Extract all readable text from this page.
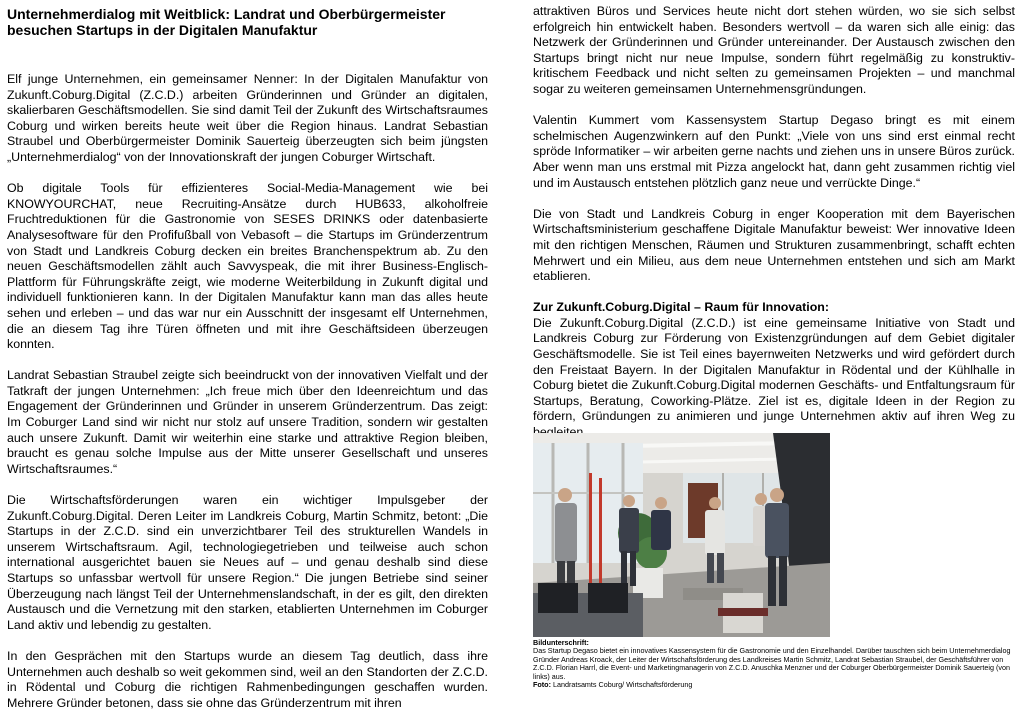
Unternehmerdialog mit Weitblick: Landrat und Oberbürgermeister besuchen Startups in der Digitalen Manufaktur

Elf junge Unternehmen, ein gemeinsamer Nenner: In der Digitalen Manufaktur von Zukunft.Coburg.Digital (Z.C.D.) arbeiten Gründerinnen und Gründer an digitalen, skalierbaren Geschäftsmodellen. Sie sind damit Teil der Zukunft des Wirtschaftsraumes Coburg und wirken bereits heute weit über die Region hinaus. Landrat Sebastian Straubel und Oberbürgermeister Dominik Sauerteig überzeugten sich beim jüngsten „Unternehmerdialog“ von der Innovationskraft der jungen Coburger Wirtschaft.

Ob digitale Tools für effizienteres Social-Media-Management wie bei KNOWYOURCHAT, neue Recruiting-Ansätze durch HUB633, alkoholfreie Fruchtreduktionen für die Gastronomie von SESES DRINKS oder datenbasierte Analysesoftware für den Profifußball von Vebasoft – die Startups im Gründerzentrum von Stadt und Landkreis Coburg decken ein breites Branchenspektrum ab. Zu den neuen Geschäftsmodellen zählt auch Savvyspeak, die mit ihrer Business-Englisch-Plattform für Führungskräfte zeigt, wie moderne Weiterbildung in Zukunft digital und individuell funktionieren kann. In der Digitalen Manufaktur kann man das alles heute sehen und erleben – und das war nur ein Ausschnitt der insgesamt elf Unternehmen, die an diesem Tag ihre Türen öffneten und mit ihre Geschäftsideen überzeugen konnten.

Landrat Sebastian Straubel zeigte sich beeindruckt von der innovativen Vielfalt und der Tatkraft der jungen Unternehmen: „Ich freue mich über den Ideenreichtum und das Engagement der Gründerinnen und Gründer in unserem Gründerzentrum. Das zeigt: Im Coburger Land sind wir nicht nur stolz auf unsere Tradition, sondern wir gestalten auch unsere Zukunft. Damit wir weiterhin eine starke und attraktive Region bleiben, braucht es genau solche Impulse aus der Mitte unserer Gesellschaft und unseres Wirtschaftsraumes.“

Die Wirtschaftsförderungen waren ein wichtiger Impulsgeber der Zukunft.Coburg.Digital. Deren Leiter im Landkreis Coburg, Martin Schmitz, betont: „Die Startups in der Z.C.D. sind ein unverzichtbarer Teil des strukturellen Wandels in unserem Wirtschaftsraum. Agil, technologiegetrieben und teilweise auch schon international ausgerichtet bauen sie Neues auf – und genau deshalb sind diese Startups so unfassbar wertvoll für unsere Region.“ Die jungen Betriebe sind seiner Überzeugung nach längst Teil der Unternehmenslandschaft, in der es gilt, den direkten Austausch und die Vernetzung mit den starken, etablierten Unternehmen im Coburger Land aktiv und lebendig zu gestalten.

In den Gesprächen mit den Startups wurde an diesem Tag deutlich, dass ihre Unternehmen auch deshalb so weit gekommen sind, weil an den Standorten der Z.C.D. in Rödental und Coburg die richtigen Rahmenbedingungen geschaffen wurden. Mehrere Gründer betonen, dass sie ohne das Gründerzentrum mit ihren

attraktiven Büros und Services heute nicht dort stehen würden, wo sie sich selbst erfolgreich hin entwickelt haben. Besonders wertvoll – da waren sich alle einig: das Netzwerk der Gründerinnen und Gründer untereinander. Der Austausch zwischen den Startups bringt nicht nur neue Impulse, sondern führt regelmäßig zu konstruktiv-kritischem Feedback und nicht selten zu gemeinsamen Projekten – und manchmal sogar zu weiteren gemeinsamen Unternehmensgründungen.

Valentin Kummert vom Kassensystem Startup Degaso bringt es mit einem schelmischen Augenzwinkern auf den Punkt: „Viele von uns sind erst einmal recht spröde Informatiker – wir arbeiten gerne nachts und ziehen uns in unsere Büros zurück. Aber wenn man uns erstmal mit Pizza angelockt hat, dann geht zusammen richtig viel und im Austausch entstehen plötzlich ganz neue und verrückte Dinge.“

Die von Stadt und Landkreis Coburg in enger Kooperation mit dem Bayerischen Wirtschaftsministerium geschaffene Digitale Manufaktur beweist: Wer innovative Ideen mit den richtigen Menschen, Räumen und Strukturen zusammenbringt, schafft echten Mehrwert und ein Milieu, aus dem neue Unternehmen entstehen und sich am Markt etablieren.

Zur Zukunft.Coburg.Digital – Raum für Innovation:

Die Zukunft.Coburg.Digital (Z.C.D.) ist eine gemeinsame Initiative von Stadt und Landkreis Coburg zur Förderung von Existenzgründungen auf dem Gebiet digitaler Geschäftsmodelle. Sie ist Teil eines bayernweiten Netzwerks und wird gefördert durch den Freistaat Bayern. In der Digitalen Manufaktur in Rödental und der Kühlhalle in Coburg bietet die Zukunft.Coburg.Digital modernen Geschäfts- und Entfaltungsraum für Startups, Beratung, Coworking-Plätze. Ziel ist es, digitale Ideen in der Region zu fördern, Gründungen zu animieren und junge Unternehmen aktiv auf ihren Weg zu

Bildunterschrift:
Das Startup Degaso bietet ein innovatives Kassensystem für die Gastronomie und den Einzelhandel. Darüber tauschten sich beim Unternehmerdialog Gründer Andreas Kroack, der Leiter der Wirtschaftsförderung des Landkreises Martin Schmitz, Landrat Sebastian Straubel, der Geschäftsführer von Z.C.D. Florian Harrl, die Event- und Marketingmanagerin von Z.C.D. Anuschka Menzner und der Coburger Oberbürgermeister Dominik Sauerteig (von links) aus.
Foto: Landratsamts Coburg/ Wirtschaftsförderung
